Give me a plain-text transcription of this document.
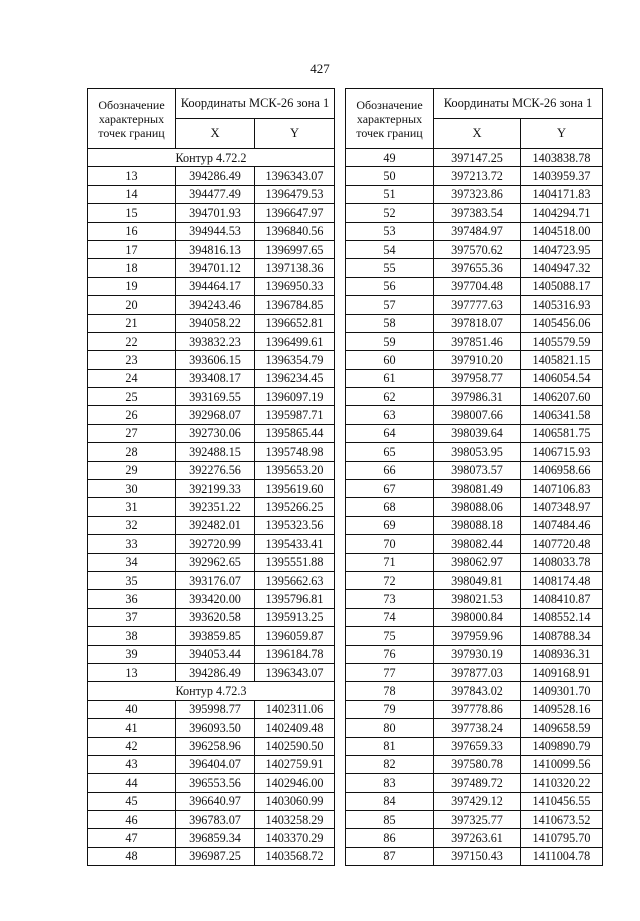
427
Обозначение характерных точек границ	Координаты МСК-26 зона 1	
	X	Y
Контур 4.72.2		
13	394286.49	1396343.07
14	394477.49	1396479.53
15	394701.93	1396647.97
16	394944.53	1396840.56
17	394816.13	1396997.65
18	394701.12	1397138.36
19	394464.17	1396950.33
20	394243.46	1396784.85
21	394058.22	1396652.81
22	393832.23	1396499.61
23	393606.15	1396354.79
24	393408.17	1396234.45
25	393169.55	1396097.19
26	392968.07	1395987.71
27	392730.06	1395865.44
28	392488.15	1395748.98
29	392276.56	1395653.20
30	392199.33	1395619.60
31	392351.22	1395266.25
32	392482.01	1395323.56
33	392720.99	1395433.41
34	392962.65	1395551.88
35	393176.07	1395662.63
36	393420.00	1395796.81
37	393620.58	1395913.25
38	393859.85	1396059.87
39	394053.44	1396184.78
13	394286.49	1396343.07
Контур 4.72.3		
40	395998.77	1402311.06
41	396093.50	1402409.48
42	396258.96	1402590.50
43	396404.07	1402759.91
44	396553.56	1402946.00
45	396640.97	1403060.99
46	396783.07	1403258.29
47	396859.34	1403370.29
48	396987.25	1403568.72
Обозначение характерных точек границ	Координаты МСК-26 зона 1	
	X	Y
49	397147.25	1403838.78
50	397213.72	1403959.37
51	397323.86	1404171.83
52	397383.54	1404294.71
53	397484.97	1404518.00
54	397570.62	1404723.95
55	397655.36	1404947.32
56	397704.48	1405088.17
57	397777.63	1405316.93
58	397818.07	1405456.06
59	397851.46	1405579.59
60	397910.20	1405821.15
61	397958.77	1406054.54
62	397986.31	1406207.60
63	398007.66	1406341.58
64	398039.64	1406581.75
65	398053.95	1406715.93
66	398073.57	1406958.66
67	398081.49	1407106.83
68	398088.06	1407348.97
69	398088.18	1407484.46
70	398082.44	1407720.48
71	398062.97	1408033.78
72	398049.81	1408174.48
73	398021.53	1408410.87
74	398000.84	1408552.14
75	397959.96	1408788.34
76	397930.19	1408936.31
77	397877.03	1409168.91
78	397843.02	1409301.70
79	397778.86	1409528.16
80	397738.24	1409658.59
81	397659.33	1409890.79
82	397580.78	1410099.56
83	397489.72	1410320.22
84	397429.12	1410456.55
85	397325.77	1410673.52
86	397263.61	1410795.70
87	397150.43	1411004.78
